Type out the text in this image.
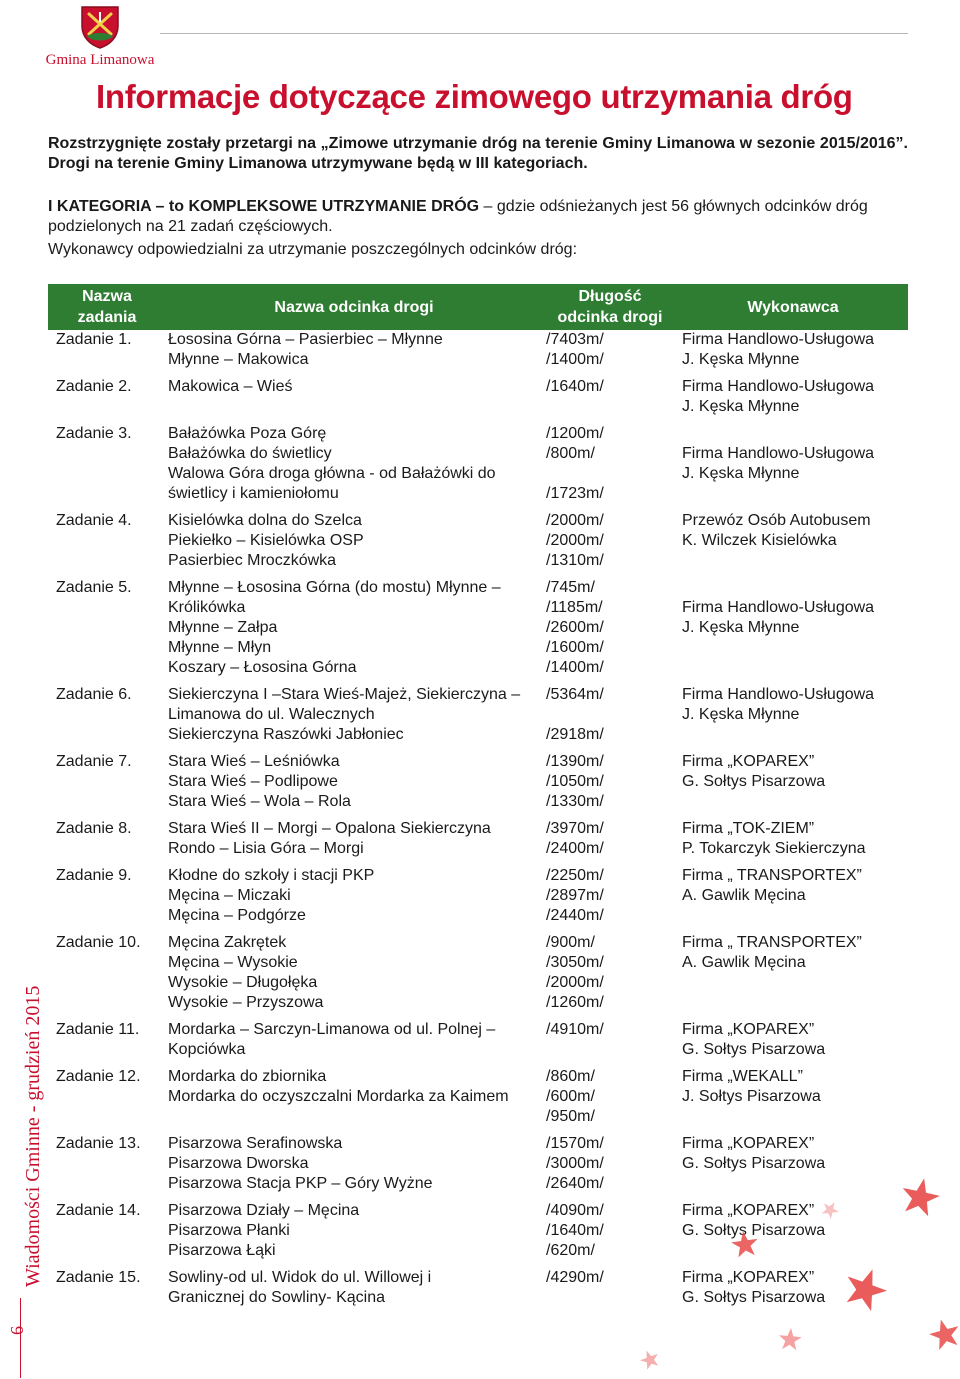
Gmina Limanowa
Wiadomości Gminne - grudzień 2015
6
Informacje dotyczące zimowego utrzymania dróg

Rozstrzygnięte zostały przetargi na „Zimowe utrzymanie dróg na terenie Gminy Limanowa w sezonie 2015/2016”. Drogi na terenie Gminy Limanowa utrzymywane będą w III kategoriach.

I KATEGORIA – to KOMPLEKSOWE UTRZYMANIE DRÓG – gdzie odśnieżanych jest 56 głównych odcinków dróg podzielonych na 21 zadań częściowych.

Wykonawcy odpowiedzialni za utrzymanie poszczególnych odcinków dróg:

Nazwa zadania	Nazwa odcinka drogi	Długość odcinka drogi	Wykonawca

Zadanie 1.	Łososina Górna – Pasierbiec – Młynne
Młynne – Makowica	/7403m/
/1400m/	Firma Handlowo-Usługowa
J. Kęska Młynne

Zadanie 2.	Makowica – Wieś	/1640m/	Firma Handlowo-Usługowa
J. Kęska Młynne

Zadanie 3.	Bałażówka Poza Górę
Bałażówka do świetlicy
Walowa Góra droga główna - od Bałażówki do
świetlicy i kamieniołomu	/1200m/
/800m/
/1723m/	Firma Handlowo-Usługowa
J. Kęska Młynne

Zadanie 4.	Kisielówka dolna do Szelca
Piekiełko – Kisielówka OSP
Pasierbiec Mroczkówka	/2000m/
/2000m/
/1310m/	Przewóz Osób Autobusem
K. Wilczek Kisielówka

Zadanie 5.	Młynne – Łososina Górna (do mostu) Młynne –
Królikówka
Młynne – Załpa
Młynne – Młyn
Koszary – Łososina Górna	/745m/
/1185m/
/2600m/
/1600m/
/1400m/	Firma Handlowo-Usługowa
J. Kęska Młynne

Zadanie 6.	Siekierczyna I –Stara Wieś-Majeż, Siekierczyna –
Limanowa do ul. Walecznych
Siekierczyna Raszówki Jabłoniec	/5364m/
/2918m/	Firma Handlowo-Usługowa
J. Kęska Młynne

Zadanie 7.	Stara Wieś – Leśniówka
Stara Wieś – Podlipowe
Stara Wieś – Wola – Rola	/1390m/
/1050m/
/1330m/	Firma „KOPAREX”
G. Sołtys Pisarzowa

Zadanie 8.	Stara Wieś II – Morgi – Opalona Siekierczyna
Rondo – Lisia Góra – Morgi	/3970m/
/2400m/	Firma „TOK-ZIEM”
P. Tokarczyk Siekierczyna

Zadanie 9.	Kłodne do szkoły i stacji PKP
Męcina – Miczaki
Męcina – Podgórze	/2250m/
/2897m/
/2440m/	Firma „ TRANSPORTEX”
A. Gawlik Męcina

Zadanie 10.	Męcina Zakrętek
Męcina – Wysokie
Wysokie – Długołęka
Wysokie – Przyszowa	/900m/
/3050m/
/2000m/
/1260m/	Firma „ TRANSPORTEX”
A. Gawlik Męcina

Zadanie 11.	Mordarka – Sarczyn-Limanowa od ul. Polnej –
Kopciówka	/4910m/	Firma „KOPAREX”
G. Sołtys Pisarzowa

Zadanie 12.	Mordarka do zbiornika
Mordarka do oczyszczalni Mordarka za Kaimem	/860m/
/600m/
/950m/	Firma „WEKALL”
J. Sołtys Pisarzowa

Zadanie 13.	Pisarzowa Serafinowska
Pisarzowa Dworska
Pisarzowa Stacja PKP – Góry Wyżne	/1570m/
/3000m/
/2640m/	Firma „KOPAREX”
G. Sołtys Pisarzowa

Zadanie 14.	Pisarzowa Działy – Męcina
Pisarzowa Płanki
Pisarzowa Łąki	/4090m/
/1640m/
/620m/	Firma „KOPAREX”
G. Sołtys Pisarzowa

Zadanie 15.	Sowliny-od ul. Widok do ul. Willowej i
Granicznej do Sowliny- Kącina	/4290m/	Firma „KOPAREX”
G. Sołtys Pisarzowa
